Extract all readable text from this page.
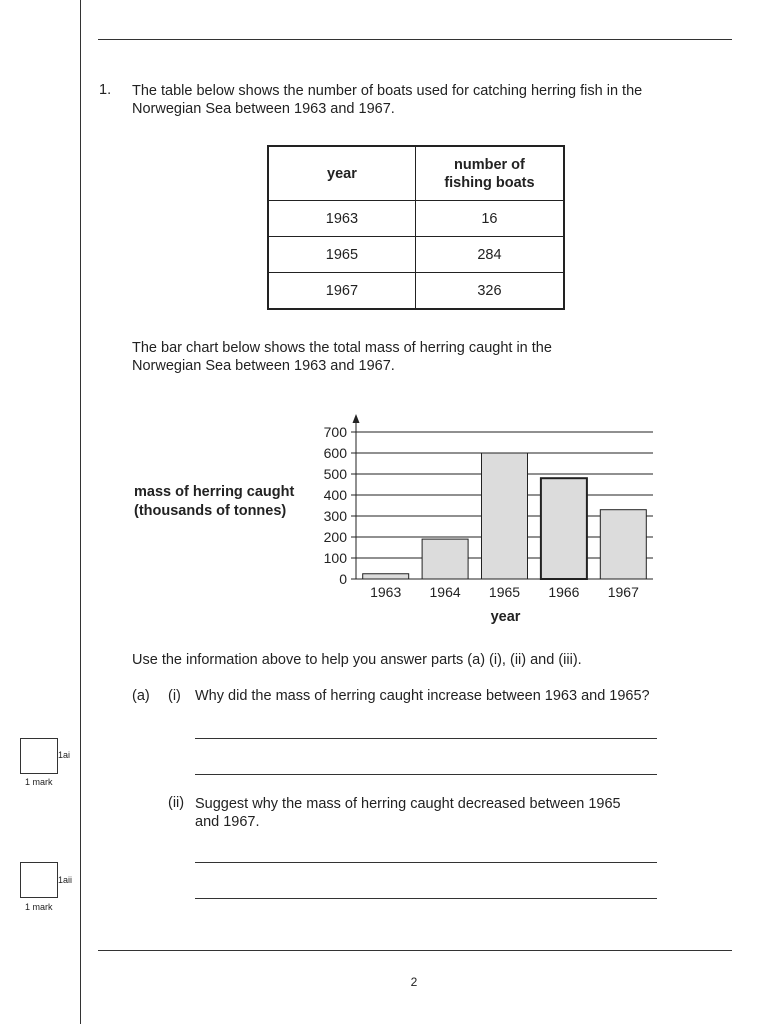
1. The table below shows the number of boats used for catching herring fish in the Norwegian Sea between 1963 and 1967.
year	number of fishing boats
1963	16
1965	284
1967	326
The bar chart below shows the total mass of herring caught in the Norwegian Sea between 1963 and 1967.
mass of herring caught
(thousands of tonnes)
0
100
200
300
400
500
600
700
1963 1964 1965 1966 1967
year
Use the information above to help you answer parts (a) (i), (ii) and (iii).
(a) (i) Why did the mass of herring caught increase between 1963 and 1965?
1ai
1 mark
(ii) Suggest why the mass of herring caught decreased between 1965 and 1967.
1aii
1 mark
2
